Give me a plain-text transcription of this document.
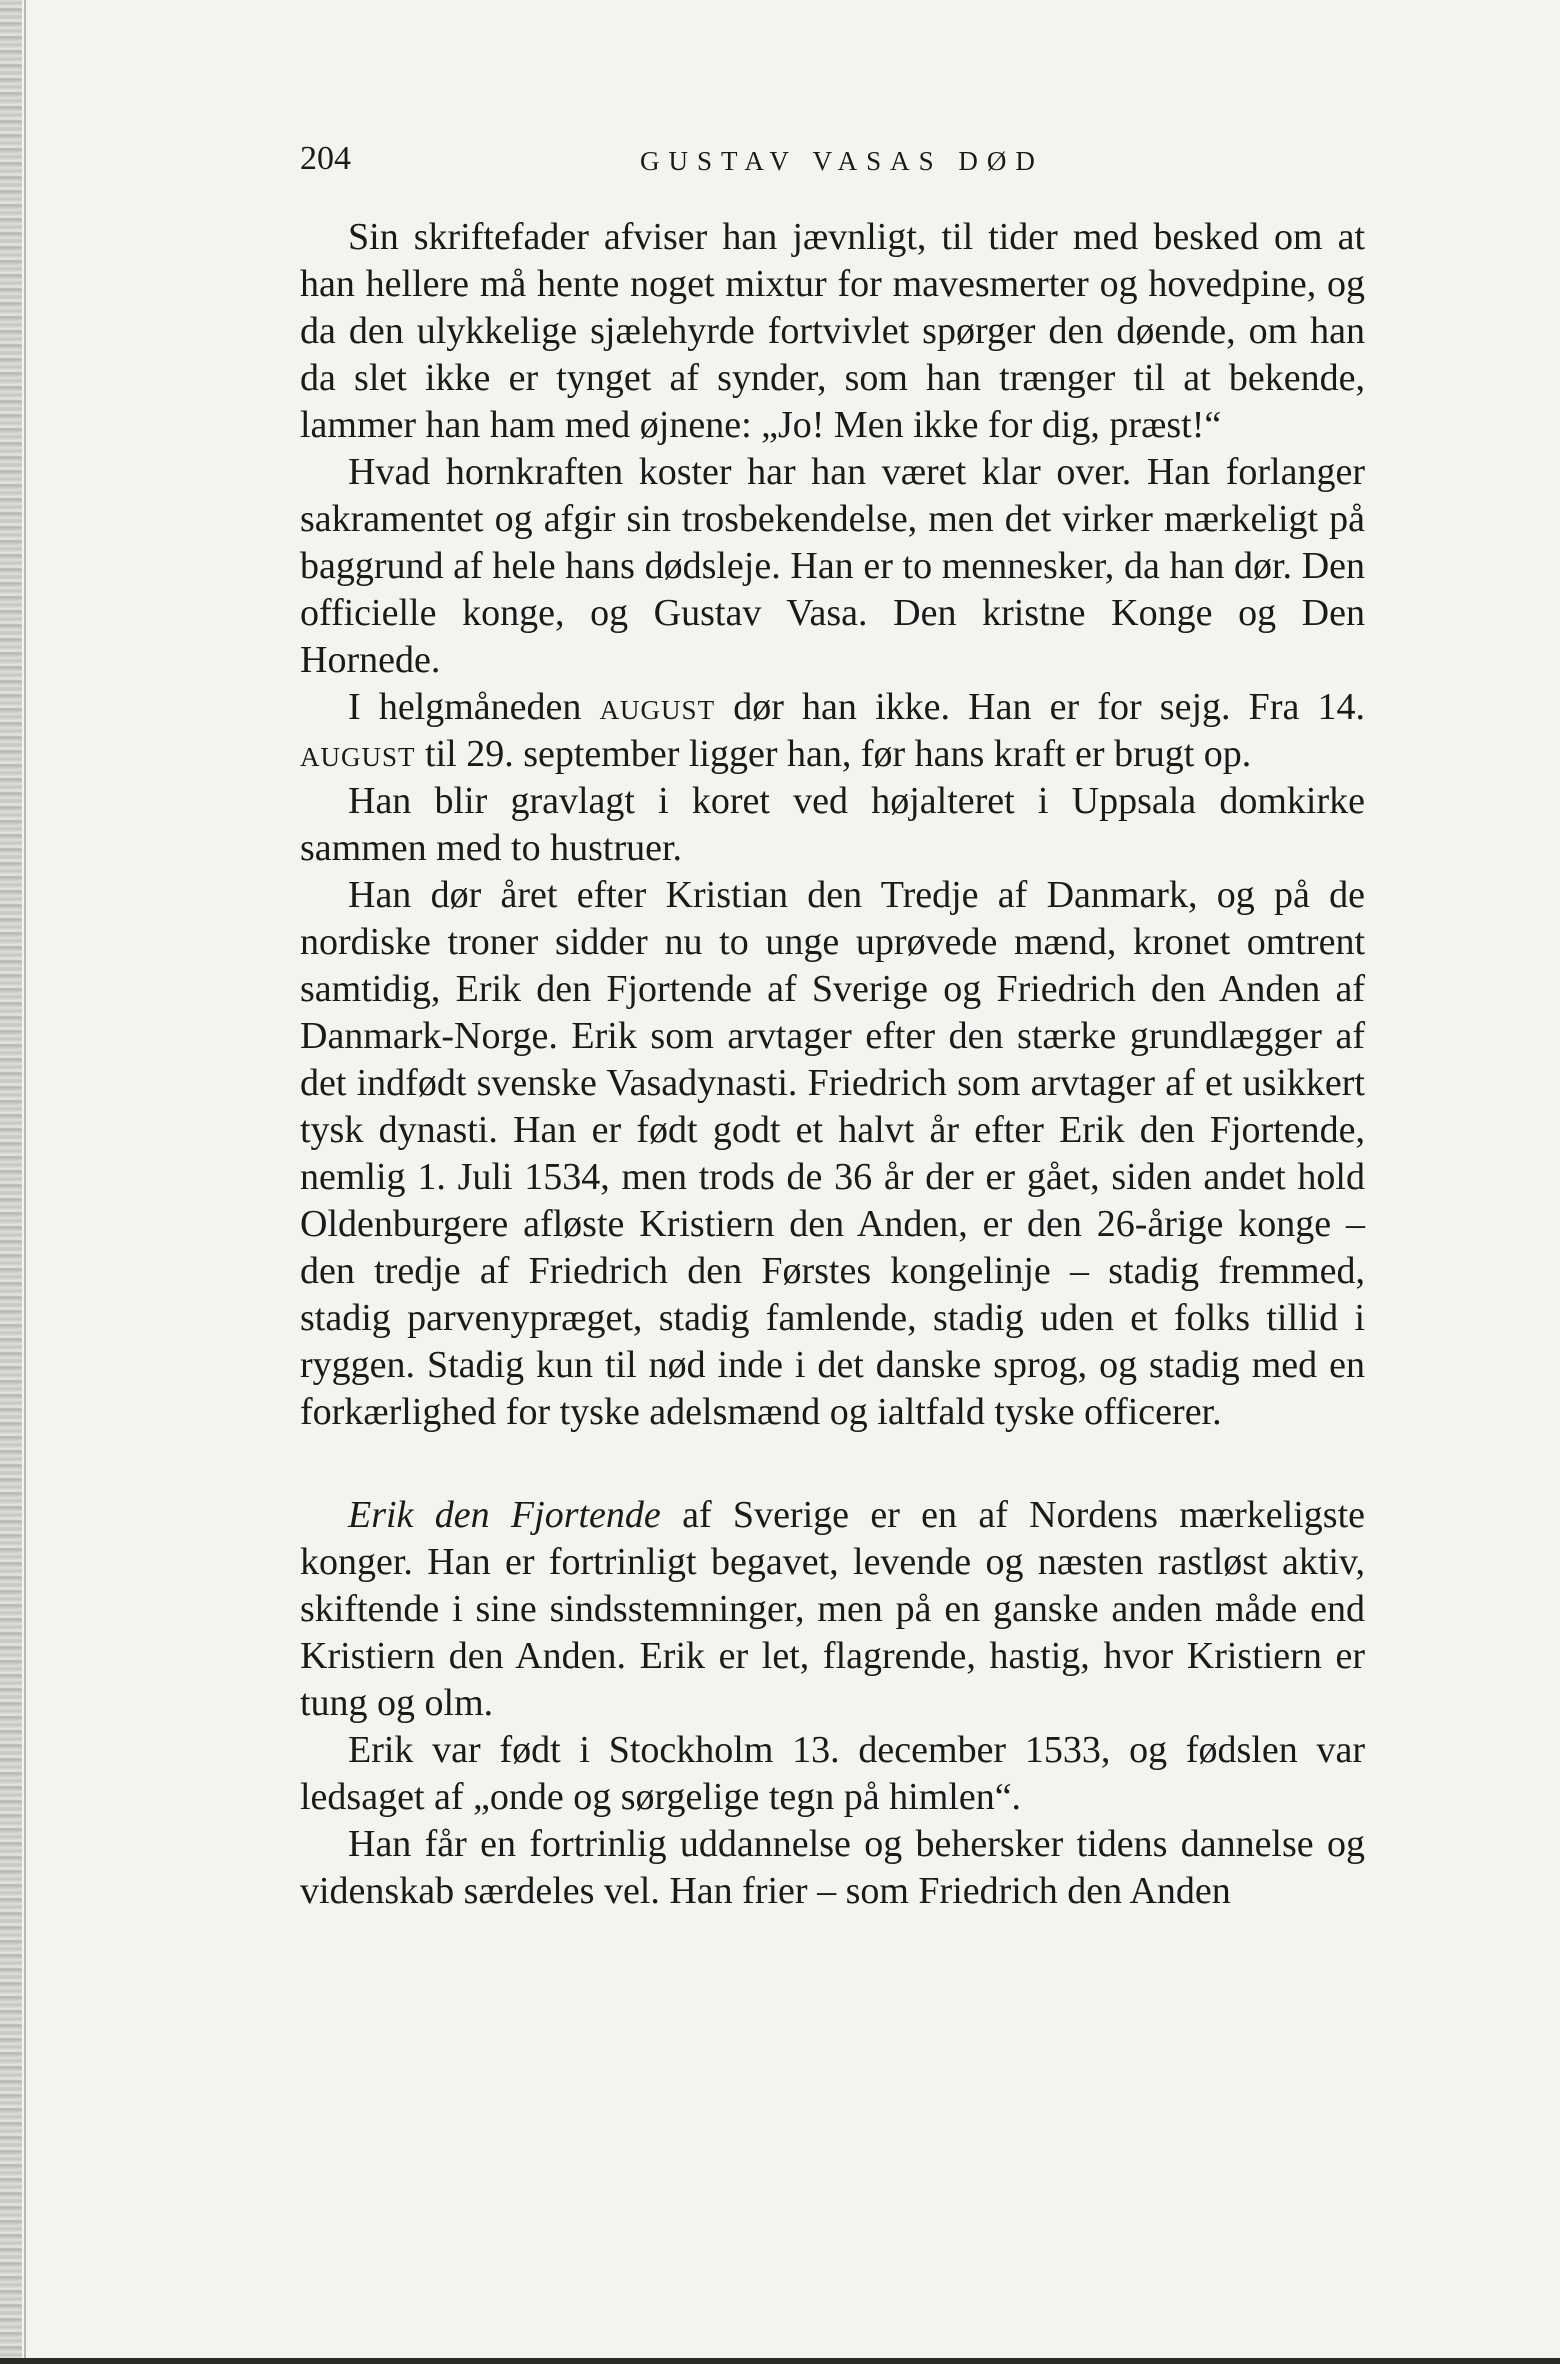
204	GUSTAV VASAS DØD

Sin skriftefader afviser han jævnligt, til tider med besked om at han hellere må hente noget mixtur for mavesmerter og hovedpine, og da den ulykkelige sjælehyrde fortvivlet spørger den døende, om han da slet ikke er tynget af synder, som han trænger til at bekende, lammer han ham med øjnene: „Jo! Men ikke for dig, præst!“

Hvad hornkraften koster har han været klar over. Han forlanger sakramentet og afgir sin trosbekendelse, men det virker mærkeligt på baggrund af hele hans dødsleje. Han er to mennesker, da han dør. Den officielle konge, og Gustav Vasa. Den kristne Konge og Den Hornede.

I helgmåneden august dør han ikke. Han er for sejg. Fra 14. august til 29. september ligger han, før hans kraft er brugt op.

Han blir gravlagt i koret ved højalteret i Uppsala domkirke sammen med to hustruer.

Han dør året efter Kristian den Tredje af Danmark, og på de nordiske troner sidder nu to unge uprøvede mænd, kronet omtrent samtidig, Erik den Fjortende af Sverige og Friedrich den Anden af Danmark-Norge. Erik som arvtager efter den stærke grundlægger af det indfødt svenske Vasadynasti. Friedrich som arvtager af et usikkert tysk dynasti. Han er født godt et halvt år efter Erik den Fjortende, nemlig 1. Juli 1534, men trods de 36 år der er gået, siden andet hold Oldenburgere afløste Kristiern den Anden, er den 26-årige konge – den tredje af Friedrich den Førstes kongelinje – stadig fremmed, stadig parvenypræget, stadig famlende, stadig uden et folks tillid i ryggen. Stadig kun til nød inde i det danske sprog, og stadig med en forkærlighed for tyske adelsmænd og ialtfald tyske officerer.

Erik den Fjortende af Sverige er en af Nordens mærkeligste konger. Han er fortrinligt begavet, levende og næsten rastløst aktiv, skiftende i sine sindsstemninger, men på en ganske anden måde end Kristiern den Anden. Erik er let, flagrende, hastig, hvor Kristiern er tung og olm.

Erik var født i Stockholm 13. december 1533, og fødslen var ledsaget af „onde og sørgelige tegn på himlen“.

Han får en fortrinlig uddannelse og behersker tidens dannelse og videnskab særdeles vel. Han frier – som Friedrich den Anden
